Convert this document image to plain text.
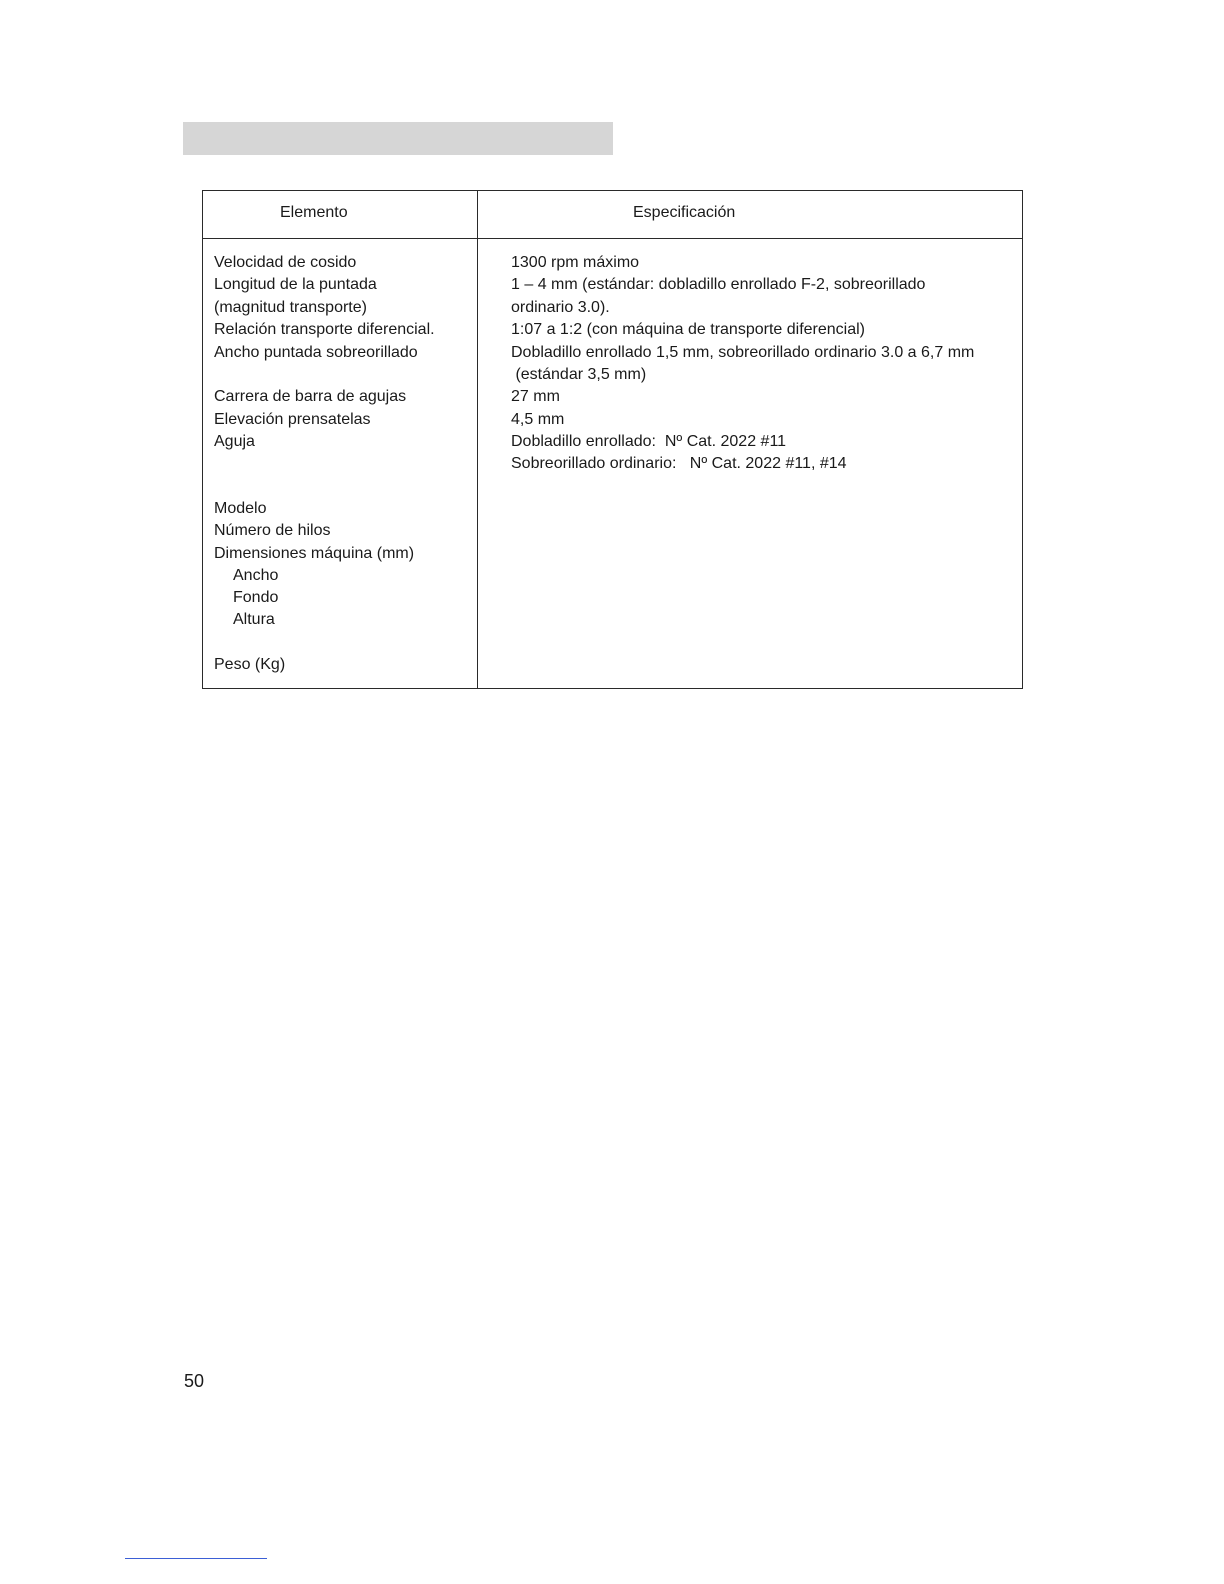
Elemento	Especificación
Velocidad de cosido
Longitud de la puntada
(magnitud transporte)
Relación transporte diferencial.
Ancho puntada sobreorillado
Carrera de barra de agujas
Elevación prensatelas
Aguja
Modelo
Número de hilos
Dimensiones máquina (mm)
Ancho
Fondo
Altura
Peso (Kg)
1300 rpm máximo
1 – 4 mm (estándar: dobladillo enrollado F-2, sobreorillado
ordinario 3.0).
1:07 a 1:2 (con máquina de transporte diferencial)
Dobladillo enrollado 1,5 mm, sobreorillado ordinario 3.0 a 6,7 mm
(estándar 3,5 mm)
27 mm
4,5 mm
Dobladillo enrollado:  Nº Cat. 2022 #11
Sobreorillado ordinario:   Nº Cat. 2022 #11, #14
50
